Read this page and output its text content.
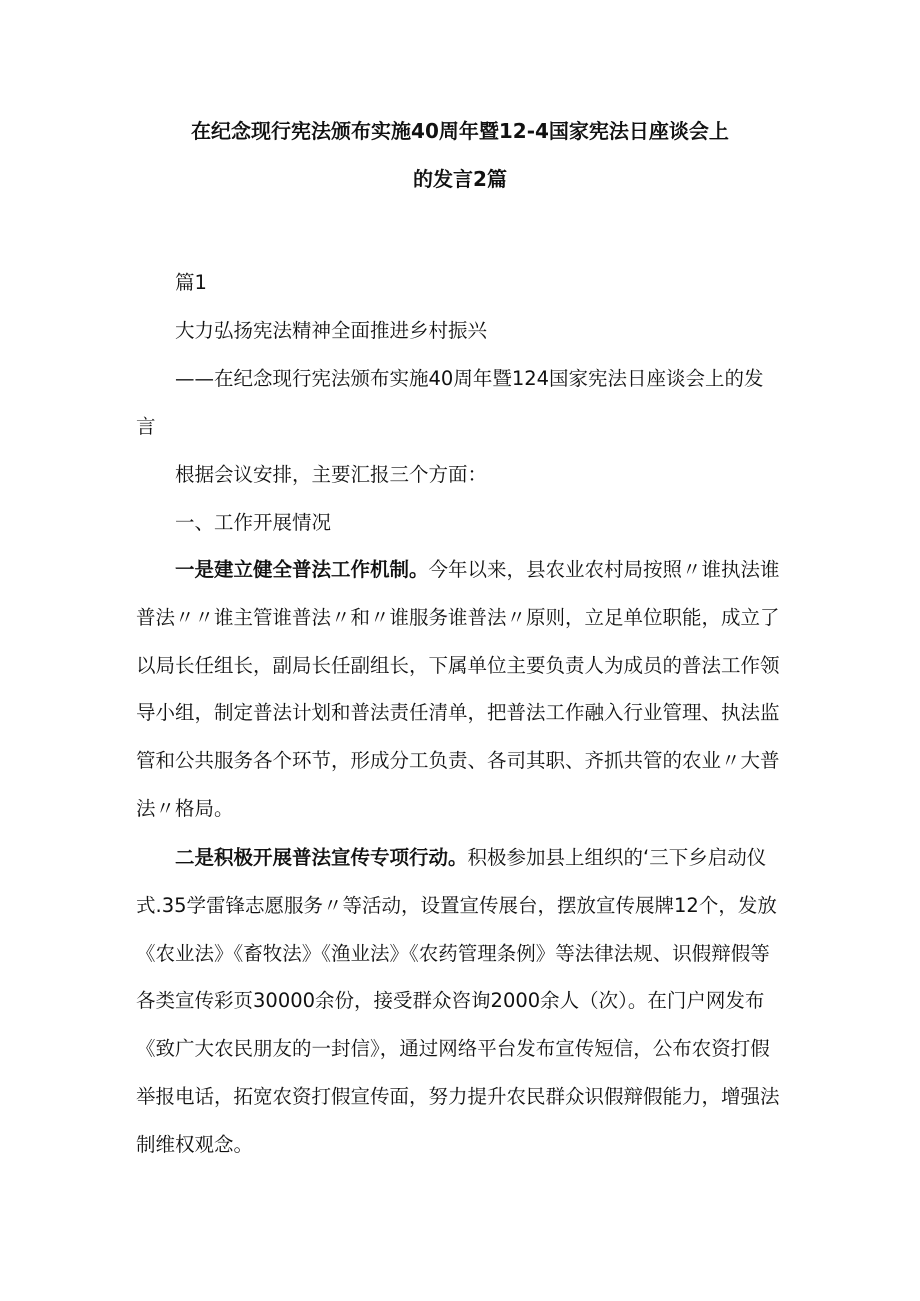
在纪念现行宪法颁布实施40周年暨12-4国家宪法日座谈会上
的发言2篇
篇1
大力弘扬宪法精神全面推进乡村振兴

——在纪念现行宪法颁布实施40周年暨124国家宪法日座谈会上的发言

根据会议安排，主要汇报三个方面：
一、工作开展情况

一是建立健全普法工作机制。今年以来，县农业农村局按照〃谁执法谁普法〃〃谁主管谁普法〃和〃谁服务谁普法〃原则，立足单位职能，成立了以局长任组长，副局长任副组长，下属单位主要负责人为成员的普法工作领导小组，制定普法计划和普法责任清单，把普法工作融入行业管理、执法监管和公共服务各个环节，形成分工负责、各司其职、齐抓共管的农业〃大普法〃格局。

二是积极开展普法宣传专项行动。积极参加县上组织的‘三下乡启动仪式.35学雷锋志愿服务〃等活动，设置宣传展台，摆放宣传展牌12个，发放《农业法》《畜牧法》《渔业法》《农药管理条例》等法律法规、识假辩假等各类宣传彩页30000余份，接受群众咨询2000余人（次）。在门户网发布《致广大农民朋友的一封信》，通过网络平台发布宣传短信，公布农资打假举报电话，拓宽农资打假宣传面，努力提升农民群众识假辩假能力，增强法制维权观念。
